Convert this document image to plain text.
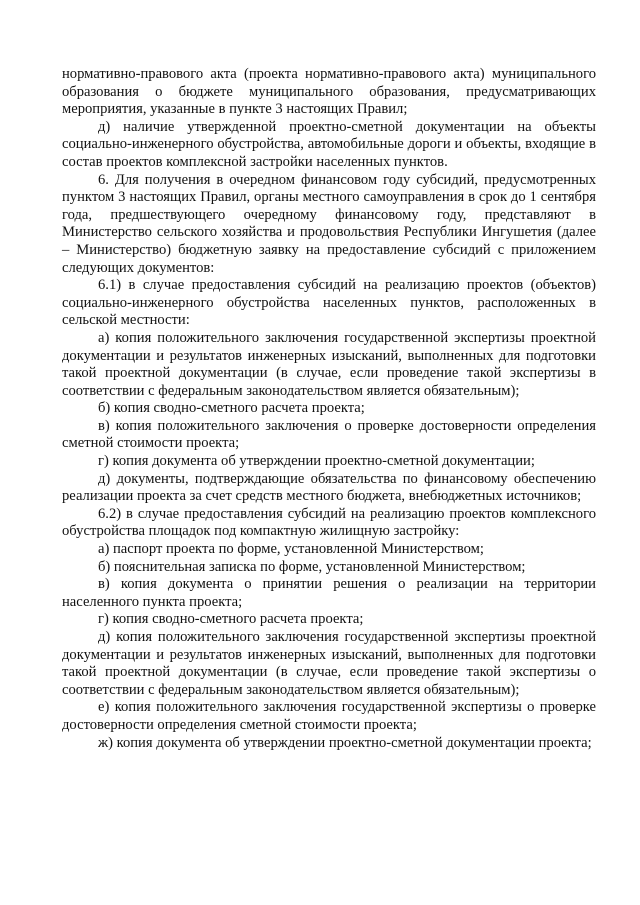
нормативно-правового акта (проекта нормативно-правового акта) муниципального образования о бюджете муниципального образования, предусматривающих мероприятия, указанные в пункте 3 настоящих Правил;

д) наличие утвержденной проектно-сметной документации на объекты социально-инженерного обустройства, автомобильные дороги и объекты, входящие в состав проектов комплексной застройки населенных пунктов.

6. Для получения в очередном финансовом году субсидий, предусмотренных пунктом 3 настоящих Правил, органы местного самоуправления в срок до 1 сентября года, предшествующего очередному финансовому году, представляют в Министерство сельского хозяйства и продовольствия Республики Ингушетия (далее – Министерство) бюджетную заявку на предоставление субсидий с приложением следующих документов:

6.1) в случае предоставления субсидий на реализацию проектов (объектов) социально-инженерного обустройства населенных пунктов, расположенных в сельской местности:

а) копия положительного заключения государственной экспертизы проектной документации и результатов инженерных изысканий, выполненных для подготовки такой проектной документации (в случае, если проведение такой экспертизы в соответствии с федеральным законодательством является обязательным);

б) копия сводно-сметного расчета проекта;

в) копия положительного заключения о проверке достоверности определения сметной стоимости проекта;

г) копия документа об утверждении проектно-сметной документации;

д) документы, подтверждающие обязательства по финансовому обеспечению реализации проекта за счет средств местного бюджета, внебюджетных источников;

6.2) в случае предоставления субсидий на реализацию проектов комплексного обустройства площадок под компактную жилищную застройку:

а) паспорт проекта по форме, установленной Министерством;

б) пояснительная записка по форме, установленной Министерством;

в) копия документа о принятии решения о реализации на территории населенного пункта проекта;

г) копия сводно-сметного расчета проекта;

д) копия положительного заключения государственной экспертизы проектной документации и результатов инженерных изысканий, выполненных для подготовки такой проектной документации (в случае, если проведение такой экспертизы о соответствии с федеральным законодательством является обязательным);

е) копия положительного заключения государственной экспертизы о проверке достоверности определения сметной стоимости проекта;

ж) копия документа об утверждении проектно-сметной документации проекта;
